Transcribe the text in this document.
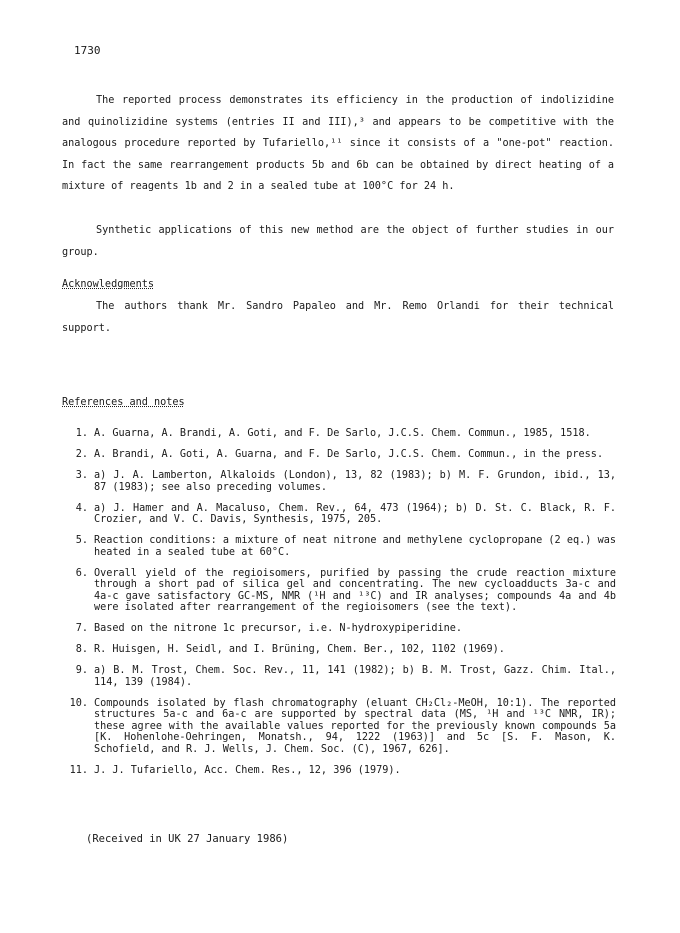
1730

The reported process demonstrates its efficiency in the production of indolizidine and quinolizidine systems (entries II and III),³ and appears to be competitive with the analogous procedure reported by Tufariello,¹¹ since it consists of a "one-pot" reaction. In fact the same rearrangement products 5b and 6b can be obtained by direct heating of a mixture of reagents 1b and 2 in a sealed tube at 100°C for 24 h.

Synthetic applications of this new method are the object of further studies in our group.

Acknowledgments

The authors thank Mr. Sandro Papaleo and Mr. Remo Orlandi for their technical support.

References and notes

1. A. Guarna, A. Brandi, A. Goti, and F. De Sarlo, J.C.S. Chem. Commun., 1985, 1518.
2. A. Brandi, A. Goti, A. Guarna, and F. De Sarlo, J.C.S. Chem. Commun., in the press.
3. a) J. A. Lamberton, Alkaloids (London), 13, 82 (1983); b) M. F. Grundon, ibid., 13, 87 (1983); see also preceding volumes.
4. a) J. Hamer and A. Macaluso, Chem. Rev., 64, 473 (1964); b) D. St. C. Black, R. F. Crozier, and V. C. Davis, Synthesis, 1975, 205.
5. Reaction conditions: a mixture of neat nitrone and methylene cyclopropane (2 eq.) was heated in a sealed tube at 60°C.
6. Overall yield of the regioisomers, purified by passing the crude reaction mixture through a short pad of silica gel and concentrating. The new cycloadducts 3a-c and 4a-c gave satisfactory GC-MS, NMR (¹H and ¹³C) and IR analyses; compounds 4a and 4b were isolated after rearrangement of the regioisomers (see the text).
7. Based on the nitrone 1c precursor, i.e. N-hydroxypiperidine.
8. R. Huisgen, H. Seidl, and I. Brüning, Chem. Ber., 102, 1102 (1969).
9. a) B. M. Trost, Chem. Soc. Rev., 11, 141 (1982); b) B. M. Trost, Gazz. Chim. Ital., 114, 139 (1984).
10. Compounds isolated by flash chromatography (eluant CH₂Cl₂-MeOH, 10:1). The reported structures 5a-c and 6a-c are supported by spectral data (MS, ¹H and ¹³C NMR, IR); these agree with the available values reported for the previously known compounds 5a [K. Hohenlohe-Oehringen, Monatsh., 94, 1222 (1963)] and 5c [S. F. Mason, K. Schofield, and R. J. Wells, J. Chem. Soc. (C), 1967, 626].
11. J. J. Tufariello, Acc. Chem. Res., 12, 396 (1979).
(Received in UK 27 January 1986)
